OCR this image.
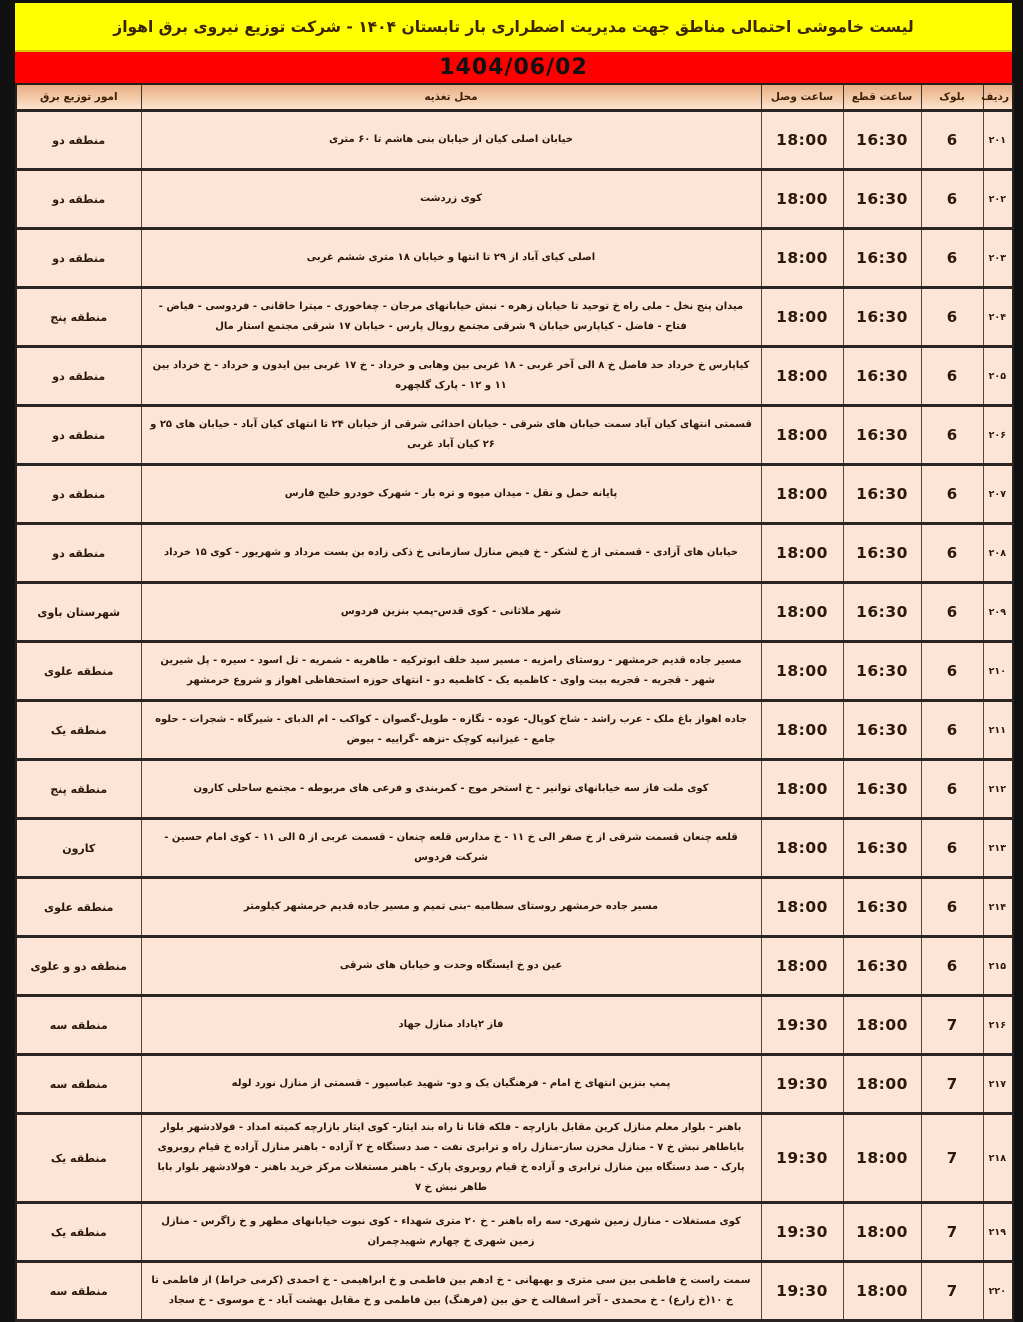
لیست خاموشی احتمالی مناطق جهت مدیریت اضطراری بار تابستان ۱۴۰۴ - شرکت توزیع نیروی برق اهواز
1404/06/02
ردیف	بلوک	ساعت قطع	ساعت وصل	محل تغذیه	امور توزیع برق
۲۰۱	6	16:30	18:00	خیابان اصلی کیان از خیابان بنی هاشم تا ۶۰ متری	منطقه دو
۲۰۲	6	16:30	18:00	کوی زردشت	منطقه دو
۲۰۳	6	16:30	18:00	اصلی کیای آباد از ۲۹ تا انتها و خیابان ۱۸ متری ششم غربی	منطقه دو
۲۰۴	6	16:30	18:00	میدان پنج نخل - ملی راه خ توحید تا خیابان زهره - نبش خیابانهای مرجان - چغاخوری - میترا خاقانی - فردوسی - فیاض - فتاح - فاضل - کیاپارس خیابان ۹ شرقی مجتمع رویال پارس - خیابان ۱۷ شرقی مجتمع استار مال	منطقه پنج
۲۰۵	6	16:30	18:00	کیاپارس خ خرداد حد فاصل خ ۸ الی آخر غربی - ۱۸ غربی بین وهابی و خرداد - خ ۱۷ غربی بین ایدون و خرداد - خ خرداد بین ۱۱ و ۱۲ - پارک گلچهره	منطقه دو
۲۰۶	6	16:30	18:00	قسمتی انتهای کیان آباد سمت خیابان های شرقی - خیابان احدائی شرقی از خیابان ۲۴ تا انتهای کیان آباد - خیابان های ۲۵ و ۲۶ کیان آباد غربی	منطقه دو
۲۰۷	6	16:30	18:00	پایانه حمل و نقل - میدان میوه و تره بار - شهرک خودرو خلیج فارس	منطقه دو
۲۰۸	6	16:30	18:00	خیابان های آزادی - قسمتی از خ لشکر - خ فیض منازل سازمانی خ ذکی زاده بن بست مرداد و شهریور - کوی ۱۵ خرداد	منطقه دو
۲۰۹	6	16:30	18:00	شهر ملاثانی - کوی قدس-پمپ بنزین فردوس	شهرستان باوی
۲۱۰	6	16:30	18:00	مسیر جاده قدیم خرمشهر - روستای رامزیه - مسیر سید خلف ابوترکیه - طاهریه - شمریه - تل اسود - سیره - پل شیرین شهر - قجریه - قجریه بیت واوی - کاظمیه یک - کاظمیه دو - انتهای حوزه استحفاظی اهواز و شروع خرمشهر	منطقه علوی
۲۱۱	6	16:30	18:00	جاده اهواز باغ ملک - عرب راشد - شاخ کوپال- عوده - نگازه - طویل-گصوان - کواکب - ام الدبای - شیرگاه - شجرات - حلوه جامع - غیزانیه کوچک -نزهه -گراییه - بیوض	منطقه یک
۲۱۲	6	16:30	18:00	کوی ملت فاز سه خیابانهای توانیر - خ استخر موج - کمربندی و فرعی های مربوطه - مجتمع ساحلی کارون	منطقه پنج
۲۱۳	6	16:30	18:00	قلعه چنعان قسمت شرقی از خ صفر الی خ ۱۱ - خ مدارس قلعه چنعان - قسمت غربی از ۵ الی ۱۱ - کوی امام حسین - شرکت فردوس	کارون
۲۱۴	6	16:30	18:00	مسیر جاده خرمشهر روستای سطامیه -بنی تمیم و مسیر جاده قدیم خرمشهر کیلومتر	منطقه علوی
۲۱۵	6	16:30	18:00	عین دو خ ایستگاه وحدت و خیابان های شرقی	منطقه دو و علوی
۲۱۶	7	18:00	19:30	فاز ۲پاداد منازل جهاد	منطقه سه
۲۱۷	7	18:00	19:30	پمپ بنزین انتهای خ امام - فرهنگیان یک و دو- شهید عباسپور - قسمتی از منازل نورد لوله	منطقه سه
۲۱۸	7	18:00	19:30	باهنر - بلوار معلم منازل کرین مقابل بازارچه - فلکه قانا تا راه بند ایثار- کوی ایثار بازارچه کمیته امداد - فولادشهر بلوار باباطاهر نبش خ ۷ - منازل مخزن ساز-منازل راه و ترابری نفت - صد دستگاه خ ۲ آزاده - باهنر منازل آزاده خ قیام روبروی پارک - صد دستگاه بین منازل ترابری و آزاده خ قیام روبروی پارک - باهنر مستغلات مرکز خرید باهنر - فولادشهر بلوار بابا طاهر نبش خ ۷	منطقه یک
۲۱۹	7	18:00	19:30	کوی مستغلات - منازل زمین شهری- سه راه باهنر - خ ۲۰ متری شهداء - کوی نبوت خیابانهای مطهر و خ زاگرس - منازل زمین شهری خ چهارم شهیدچمران	منطقه یک
۲۲۰	7	18:00	19:30	سمت راست خ فاطمی بین سی متری و بهبهانی - خ ادهم بین فاطمی و خ ابراهیمی - خ احمدی (کرمی خراط) از فاطمی تا خ ۱۰(خ زارع) - خ محمدی - آخر اسفالت خ حق بین (فرهنگ) بین فاطمی و خ مقابل بهشت آباد - خ موسوی - خ سجاد	منطقه سه
